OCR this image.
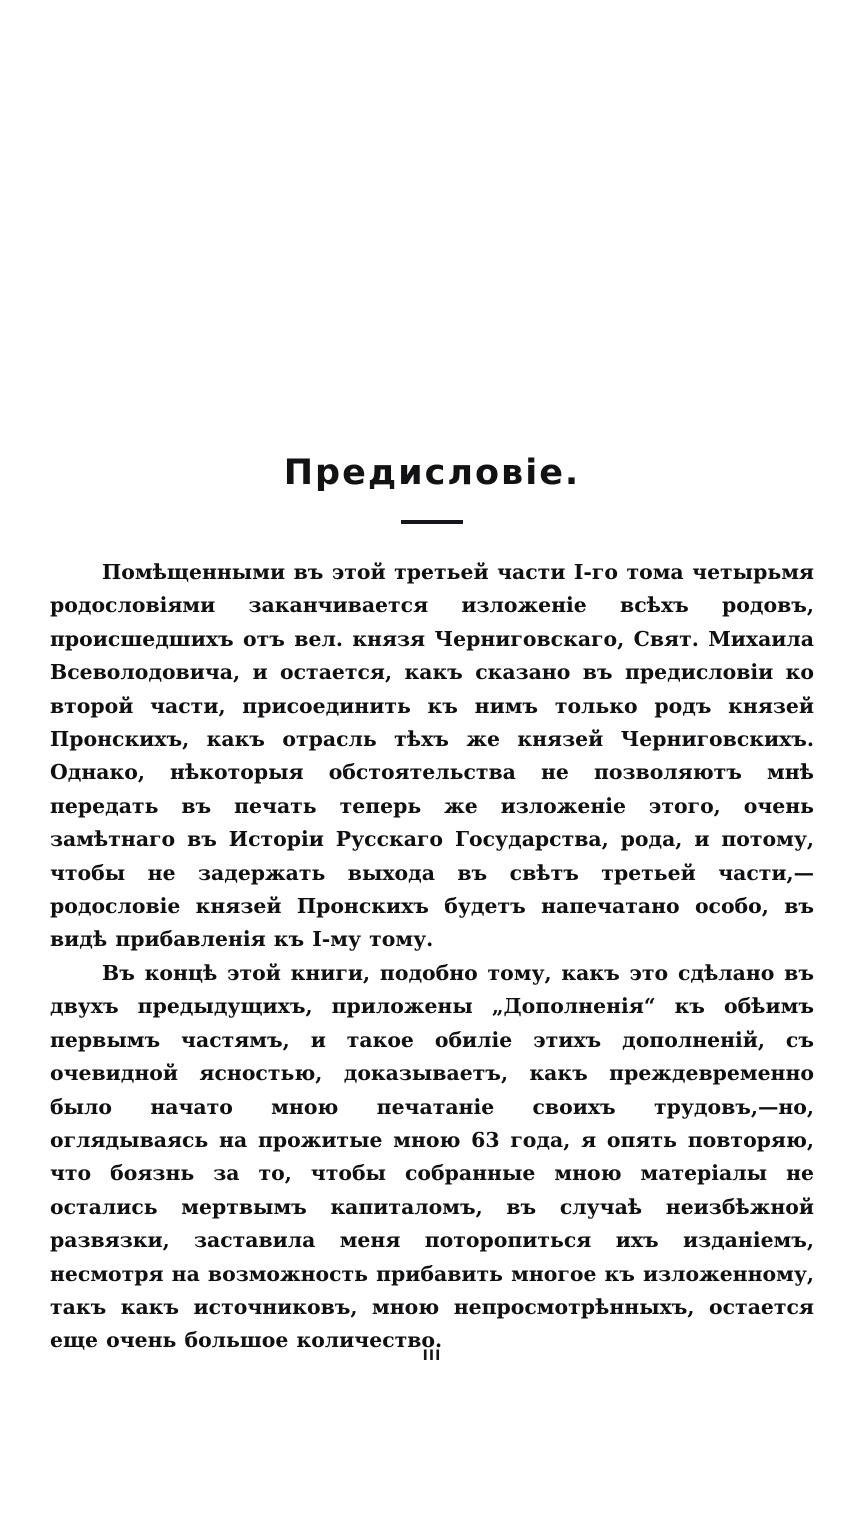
Предисловіе.

Помѣщенными въ этой третьей части I-го тома четырьмя родословіями заканчивается изложеніе всѣхъ родовъ, происшедшихъ отъ вел. князя Черниговскаго, Свят. Михаила Всеволодовича, и остается, какъ сказано въ предисловіи ко второй части, присоединить къ нимъ только родъ князей Пронскихъ, какъ отрасль тѣхъ же князей Черниговскихъ. Однако, нѣкоторыя обстоятельства не позволяютъ мнѣ передать въ печать теперь же изложеніе этого, очень замѣтнаго въ Исторіи Русскаго Государства, рода, и потому, чтобы не задержать выхода въ свѣтъ третьей части,—родословіе князей Пронскихъ будетъ напечатано особо, въ видѣ прибавленія къ I-му тому.

Въ концѣ этой книги, подобно тому, какъ это сдѣлано въ двухъ предыдущихъ, приложены „Дополненія“ къ обѣимъ первымъ частямъ, и такое обиліе этихъ дополненій, съ очевидной ясностью, доказываетъ, какъ преждевременно было начато мною печатаніе своихъ трудовъ,—но, оглядываясь на прожитые мною 63 года, я опять повторяю, что боязнь за то, чтобы собранные мною матеріалы не остались мертвымъ капиталомъ, въ случаѣ неизбѣжной развязки, заставила меня поторопиться ихъ изданіемъ, несмотря на возможность прибавить многое къ изложенному, такъ какъ источниковъ, мною непросмотрѣнныхъ, остается еще очень большое количество.

III
